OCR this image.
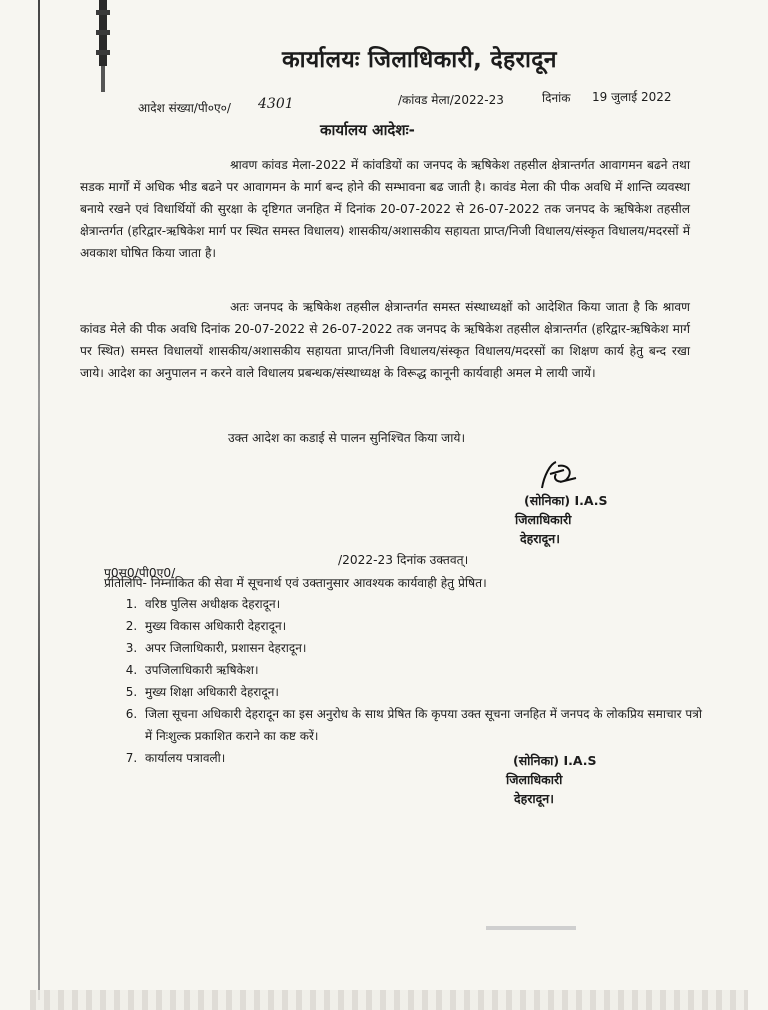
कार्यालयः जिलाधिकारी, देहरादून
आदेश संख्या/पी०ए०/ 4301	/कांवड मेला/2022-23	दिनांक 19 जुलाई 2022
कार्यालय आदेशः-
श्रावण कांवड मेला-2022 में कांवडियों का जनपद के ऋषिकेश तहसील क्षेत्रान्तर्गत आवागमन बढने तथा सडक मार्गों में अधिक भीड बढने पर आवागमन के मार्ग बन्द होने की सम्भावना बढ जाती है। कावंड मेला की पीक अवधि में शान्ति व्यवस्था बनाये रखने एवं विधार्थियों की सुरक्षा के दृष्टिगत जनहित में दिनांक 20-07-2022 से 26-07-2022 तक जनपद के ऋषिकेश तहसील क्षेत्रान्तर्गत (हरिद्वार-ऋषिकेश मार्ग पर स्थित समस्त विधालय) शासकीय/अशासकीय सहायता प्राप्त/निजी विधालय/संस्कृत विधालय/मदरसों में अवकाश घोषित किया जाता है।
अतः जनपद के ऋषिकेश तहसील क्षेत्रान्तर्गत समस्त संस्थाध्यक्षों को आदेशित किया जाता है कि श्रावण कांवड मेले की पीक अवधि दिनांक 20-07-2022 से 26-07-2022 तक जनपद के ऋषिकेश तहसील क्षेत्रान्तर्गत (हरिद्वार-ऋषिकेश मार्ग पर स्थित) समस्त विधालयों शासकीय/अशासकीय सहायता प्राप्त/निजी विधालय/संस्कृत विधालय/मदरसों का शिक्षण कार्य हेतु बन्द रखा जाये। आदेश का अनुपालन न करने वाले विधालय प्रबन्धक/संस्थाध्यक्ष के विरूद्ध कानूनी कार्यवाही अमल मे लायी जायें।
उक्त आदेश का कडाई से पालन सुनिश्चित किया जाये।
(सोनिका) I.A.S
जिलाधिकारी
देहरादून।
पृ0स0/पी0ए0/
/2022-23 दिनांक उक्तवत्।
प्रतिलिपि- निम्नांकित की सेवा में सूचनार्थ एवं उक्तानुसार आवश्यक कार्यवाही हेतु प्रेषित।
1. वरिष्ठ पुलिस अधीक्षक देहरादून।
2. मुख्य विकास अधिकारी देहरादून।
3. अपर जिलाधिकारी, प्रशासन देहरादून।
4. उपजिलाधिकारी ऋषिकेश।
5. मुख्य शिक्षा अधिकारी देहरादून।
6. जिला सूचना अधिकारी देहरादून का इस अनुरोध के साथ प्रेषित कि कृपया उक्त सूचना जनहित में जनपद के लोकप्रिय समाचार पत्रो में निःशुल्क प्रकाशित कराने का कष्ट करें।
7. कार्यालय पत्रावली।	(सोनिका) I.A.S
जिलाधिकारी
देहरादून।
